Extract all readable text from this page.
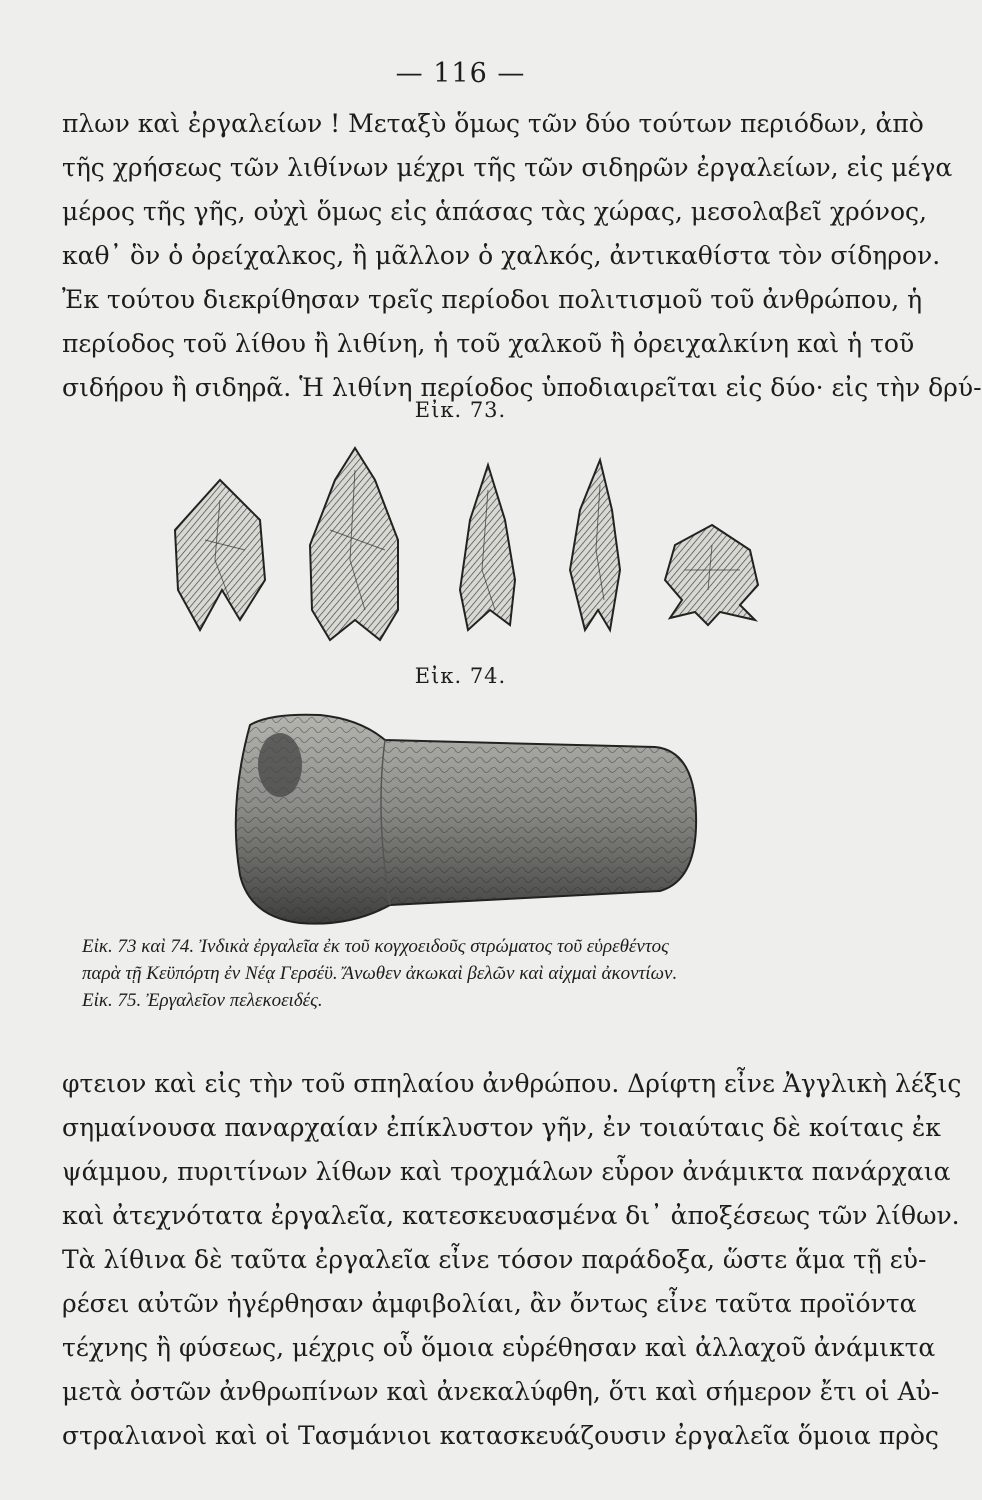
— 116 —
πλων καὶ ἐργαλείων ! Μεταξὺ ὅμως τῶν δύο τούτων περιόδων, ἀπὸ
τῆς χρήσεως τῶν λιθίνων μέχρι τῆς τῶν σιδηρῶν ἐργαλείων, εἰς μέγα
μέρος τῆς γῆς, οὐχὶ ὅμως εἰς ἁπάσας τὰς χώρας, μεσολαβεῖ χρόνος,
καθ᾽ ὃν ὁ ὀρείχαλκος, ἢ μᾶλλον ὁ χαλκός, ἀντικαθίστα τὸν σίδηρον.
Ἐκ τούτου διεκρίθησαν τρεῖς περίοδοι πολιτισμοῦ τοῦ ἀνθρώπου, ἡ
περίοδος τοῦ λίθου ἢ λιθίνη, ἡ τοῦ χαλκοῦ ἢ ὀρειχαλκίνη καὶ ἡ τοῦ
σιδήρου ἢ σιδηρᾶ. Ἡ λιθίνη περίοδος ὑποδιαιρεῖται εἰς δύο· εἰς τὴν δρύ-
Εἰκ. 73.
Εἰκ. 74.
Εἰκ. 73 καὶ 74. Ἰνδικὰ ἐργαλεῖα ἐκ τοῦ κογχοειδοῦς στρώματος τοῦ εὑρεθέντος
παρὰ τῇ Κεϋπόρτη ἐν Νέᾳ Γερσέϋ. Ἄνωθεν ἀκωκαὶ βελῶν καὶ αἰχμαὶ ἀκοντίων.
Εἰκ. 75. Ἐργαλεῖον πελεκοειδές.
φτειον καὶ εἰς τὴν τοῦ σπηλαίου ἀνθρώπου. Δρίφτη εἶνε Ἀγγλικὴ λέξις
σημαίνουσα παναρχαίαν ἐπίκλυστον γῆν, ἐν τοιαύταις δὲ κοίταις ἐκ
ψάμμου, πυριτίνων λίθων καὶ τροχμάλων εὗρον ἀνάμικτα πανάρχαια
καὶ ἀτεχνότατα ἐργαλεῖα, κατεσκευασμένα δι᾽ ἀποξέσεως τῶν λίθων.
Τὰ λίθινα δὲ ταῦτα ἐργαλεῖα εἶνε τόσον παράδοξα, ὥστε ἅμα τῇ εὑ-
ρέσει αὐτῶν ἠγέρθησαν ἀμφιβολίαι, ἂν ὄντως εἶνε ταῦτα προϊόντα
τέχνης ἢ φύσεως, μέχρις οὗ ὅμοια εὑρέθησαν καὶ ἀλλαχοῦ ἀνάμικτα
μετὰ ὀστῶν ἀνθρωπίνων καὶ ἀνεκαλύφθη, ὅτι καὶ σήμερον ἔτι οἱ Αὐ-
στραλιανοὶ καὶ οἱ Τασμάνιοι κατασκευάζουσιν ἐργαλεῖα ὅμοια πρὸς
